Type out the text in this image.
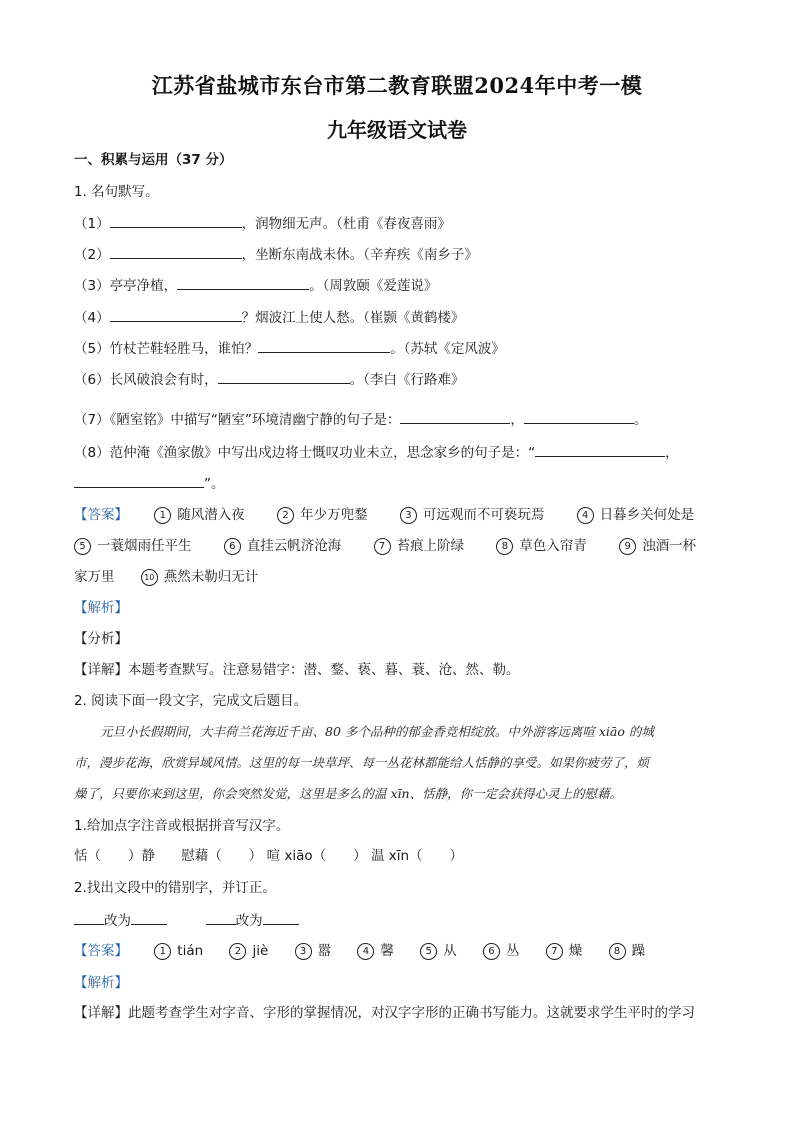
江苏省盐城市东台市第二教育联盟2024年中考一模
九年级语文试卷
一、积累与运用（37 分）
1. 名句默写。
（1）	，润物细无声。（杜甫《春夜喜雨》
（2）	，坐断东南战未休。（辛弃疾《南乡子》
（3）亭亭净植，	。（周敦颐《爱莲说》
（4）	？烟波江上使人愁。（崔颢《黄鹤楼》
（5）竹杖芒鞋轻胜马，谁怕？	。（苏轼《定风波》
（6）长风破浪会有时，	。（李白《行路难》
（7）《陋室铭》中描写“陋室”环境清幽宁静的句子是：	，	。
（8）范仲淹《渔家傲》中写出戍边将士慨叹功业未立，思念家乡的句子是：“	，
”。
【答案】	1 随风潜入夜	2 年少万兜鍪	3 可远观而不可亵玩焉	4 日暮乡关何处是
5 一蓑烟雨任平生	6 直挂云帆济沧海	7 苔痕上阶绿	8 草色入帘青	9 浊酒一杯
家万里	10 燕然未勒归无计
【解析】
【分析】
【详解】本题考查默写。注意易错字：潜、鍪、亵、暮、蓑、沧、然、勒。
2. 阅读下面一段文字，完成文后题目。

元旦小长假期间，大丰荷兰花海近千亩、80 多个品种的郁金香竞相绽放。中外游客远离喧 xiāo 的城

市，漫步花海，欣赏异域风情。这里的每一块草坪、每一丛花林都能给人恬静的享受。如果你疲劳了，烦
燥了，只要你来到这里，你会突然发觉，这里是多么的温 xīn、恬静，你一定会获得心灵上的慰藉。
1.给加点字注音或根据拼音写汉字。
恬（　　）静 慰藉（　　） 喧 xiāo（　　） 温 xīn（　　）
2.找出文段中的错别字，并订正。
改为	改为
【答案】	1 tián	2 jiè	3 嚣	4 馨	5 从	6 丛	7 燥	8 躁
【解析】
【详解】此题考查学生对字音、字形的掌握情况，对汉字字形的正确书写能力。这就要求学生平时的学习
